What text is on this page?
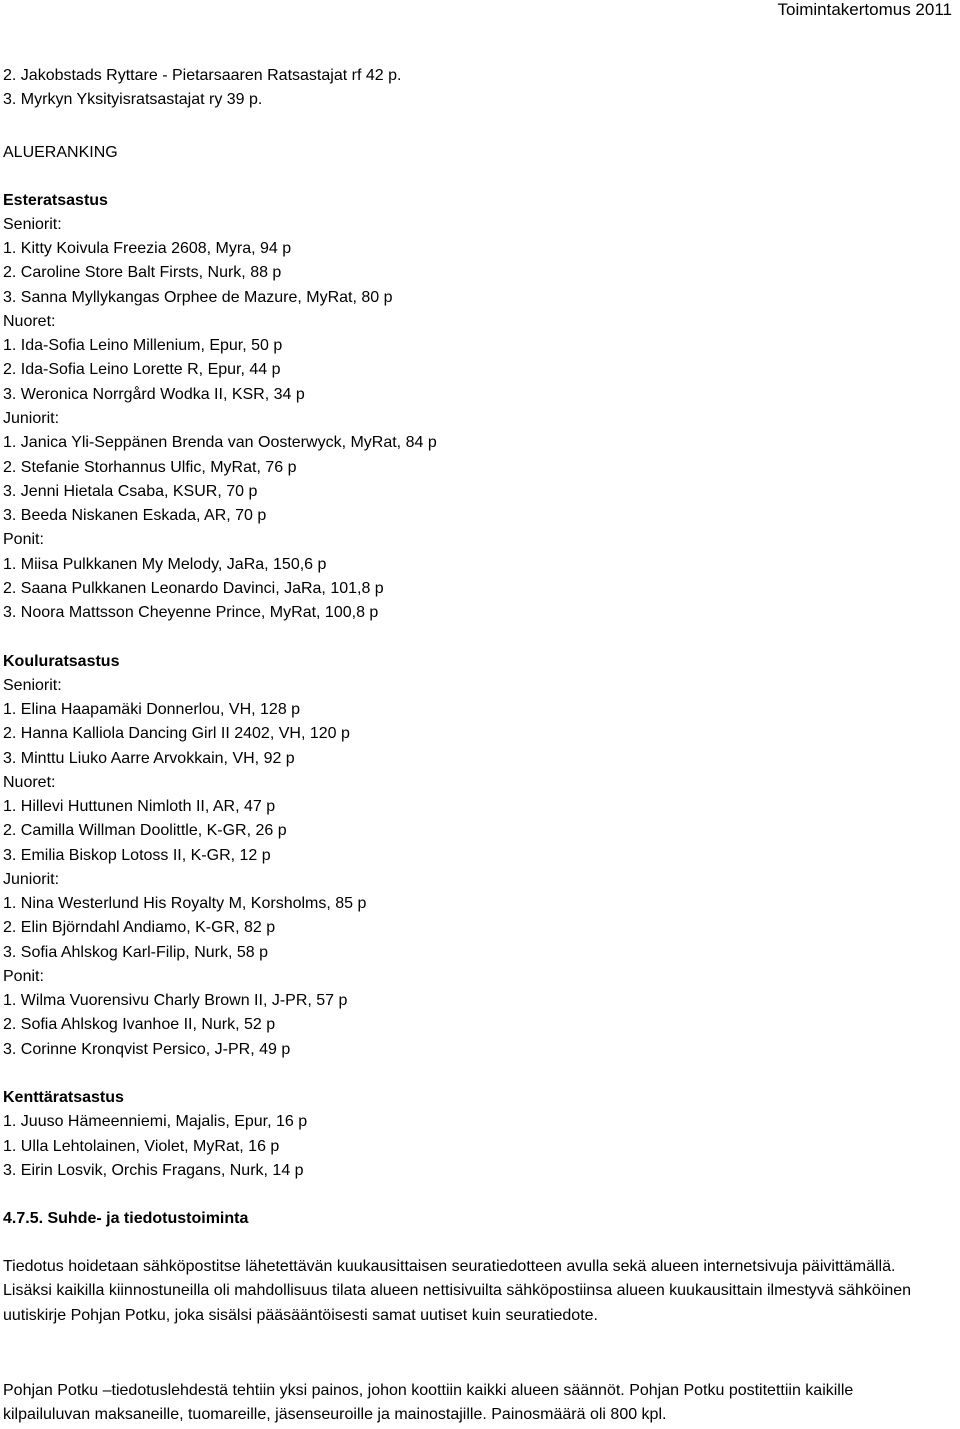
Toimintakertomus 2011
2. Jakobstads Ryttare - Pietarsaaren Ratsastajat rf 42 p.
3. Myrkyn Yksityisratsastajat ry 39 p.
ALUERANKING
Esteratsastus
Seniorit:
1. Kitty Koivula Freezia 2608, Myra, 94 p
2. Caroline Store Balt Firsts, Nurk, 88 p
3. Sanna Myllykangas Orphee de Mazure, MyRat, 80 p
Nuoret:
1. Ida-Sofia Leino Millenium, Epur, 50 p
2. Ida-Sofia Leino Lorette R, Epur, 44 p
3. Weronica Norrgård Wodka II, KSR, 34 p
Juniorit:
1. Janica Yli-Seppänen Brenda van Oosterwyck, MyRat, 84 p
2. Stefanie Storhannus Ulfic, MyRat, 76 p
3. Jenni Hietala Csaba, KSUR, 70 p
3. Beeda Niskanen Eskada, AR, 70 p
Ponit:
1. Miisa Pulkkanen My Melody, JaRa, 150,6 p
2. Saana Pulkkanen Leonardo Davinci, JaRa, 101,8 p
3. Noora Mattsson Cheyenne Prince, MyRat, 100,8 p
Kouluratsastus
Seniorit:
1. Elina Haapamäki Donnerlou, VH, 128 p
2. Hanna Kalliola Dancing Girl II 2402, VH, 120 p
3. Minttu Liuko Aarre Arvokkain, VH, 92 p
Nuoret:
1. Hillevi Huttunen Nimloth II, AR, 47 p
2. Camilla Willman Doolittle, K-GR, 26 p
3. Emilia Biskop Lotoss II, K-GR, 12 p
Juniorit:
1. Nina Westerlund His Royalty M, Korsholms, 85 p
2. Elin Björndahl Andiamo, K-GR, 82 p
3. Sofia Ahlskog Karl-Filip, Nurk, 58 p
Ponit:
1. Wilma Vuorensivu Charly Brown II, J-PR, 57 p
2. Sofia Ahlskog Ivanhoe II, Nurk, 52 p
3. Corinne Kronqvist Persico, J-PR, 49 p
Kenttäratsastus
1. Juuso Hämeenniemi, Majalis, Epur, 16 p
1. Ulla Lehtolainen, Violet, MyRat, 16 p
3. Eirin Losvik, Orchis Fragans, Nurk, 14 p
4.7.5. Suhde- ja tiedotustoiminta
Tiedotus hoidetaan sähköpostitse lähetettävän kuukausittaisen seuratiedotteen avulla sekä alueen internetsivuja päivittämällä. Lisäksi kaikilla kiinnostuneilla oli mahdollisuus tilata alueen nettisivuilta sähköpostiinsa alueen kuukausittain ilmestyvä sähköinen uutiskirje Pohjan Potku, joka sisälsi pääsääntöisesti samat uutiset kuin seuratiedote.
Pohjan Potku –tiedotuslehdestä tehtiin yksi painos, johon koottiin kaikki alueen säännöt. Pohjan Potku postitettiin kaikille kilpailuluvan maksaneille, tuomareille, jäsenseuroille ja mainostajille. Painosmäärä oli 800 kpl.
